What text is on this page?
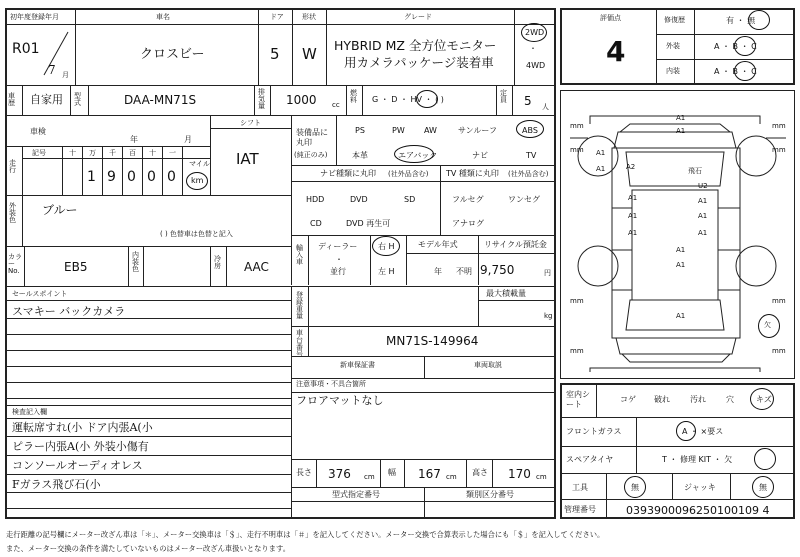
初年度登録年月	車名	ドア	形状	グレード
R01
7 月
クロスビー	5 W HYBRID MZ 全方位モニター
用カメラパッケージ装着車
2WD
・
4WD
車歴 自家用 型式	DAA-MN71S
排気量 1000 cc
燃料 G ・ D ・ HV ・ ( )
定員 5 人
車検
年	月
シフト
IAT
走行
記号	十 万
1
千
9
百
0
十
0
一
0
マイル
km
装備品に丸印
(純正のみ)
PS	PW AW	サンルーフ	ABS
本革	エアバック	ナビ	TV
ナビ種類に丸印 (社外品含む) TV 種類に丸印 (社外品含む)
HDD	DVD	SD
CD	DVD 再生可
フルセグ	ワンセグ
アナログ
外装色
ブルー
( ) 色替車は色替と記入
カラーNo.	EB5
内装色
冷房 AAC
輸入車
ディーラー
・
並行
右 H
左 H
モデル年式
年 不明
リサイクル預託金
9,750	円
登録重量
最大積載量
kg
セールスポイント
スマキー バックカメラ
車台番号
MN71S-149964
新車保証書	車両取説
注意事項・不具合箇所
フロアマットなし
検査記入欄
運転席すれ(小 ドア内張A(小
ピラー内張A(小 外装小傷有
コンソールオーディオレス
Fガラス飛び石(小
長さ 376 cm 幅 167 cm 高さ 170 cm
型式指定番号	類別区分番号
評価点
4
修復歴	有 ・ 無
外装	A ・ B ・ C
内装	A ・ B ・ C
A1
A1
A1
A2
A1
A1
A1
A1
U2
A1
A1	A1
A1	A1
A1
欠
飛石
mm	mm
mm	mm
mm	mm
mm	mm
室内シート
コゲ 破れ	汚れ	穴	キズ
フロントガラス	A ・ ×要ス
スペアタイヤ	T ・ 修理 KIT ・ 欠
工具	無	ジャッキ	無
管理番号	0393900096250100109 4
走行距離の記号欄にメーター改ざん車は「＊」、メーター交換車は「＄」、走行不明車は「＃」を記入してください。メーター交換で合算表示した場合にも「＄」を記入してください。
また、メーター交換の条件を満たしていないものはメーター改ざん車扱いとなります。
